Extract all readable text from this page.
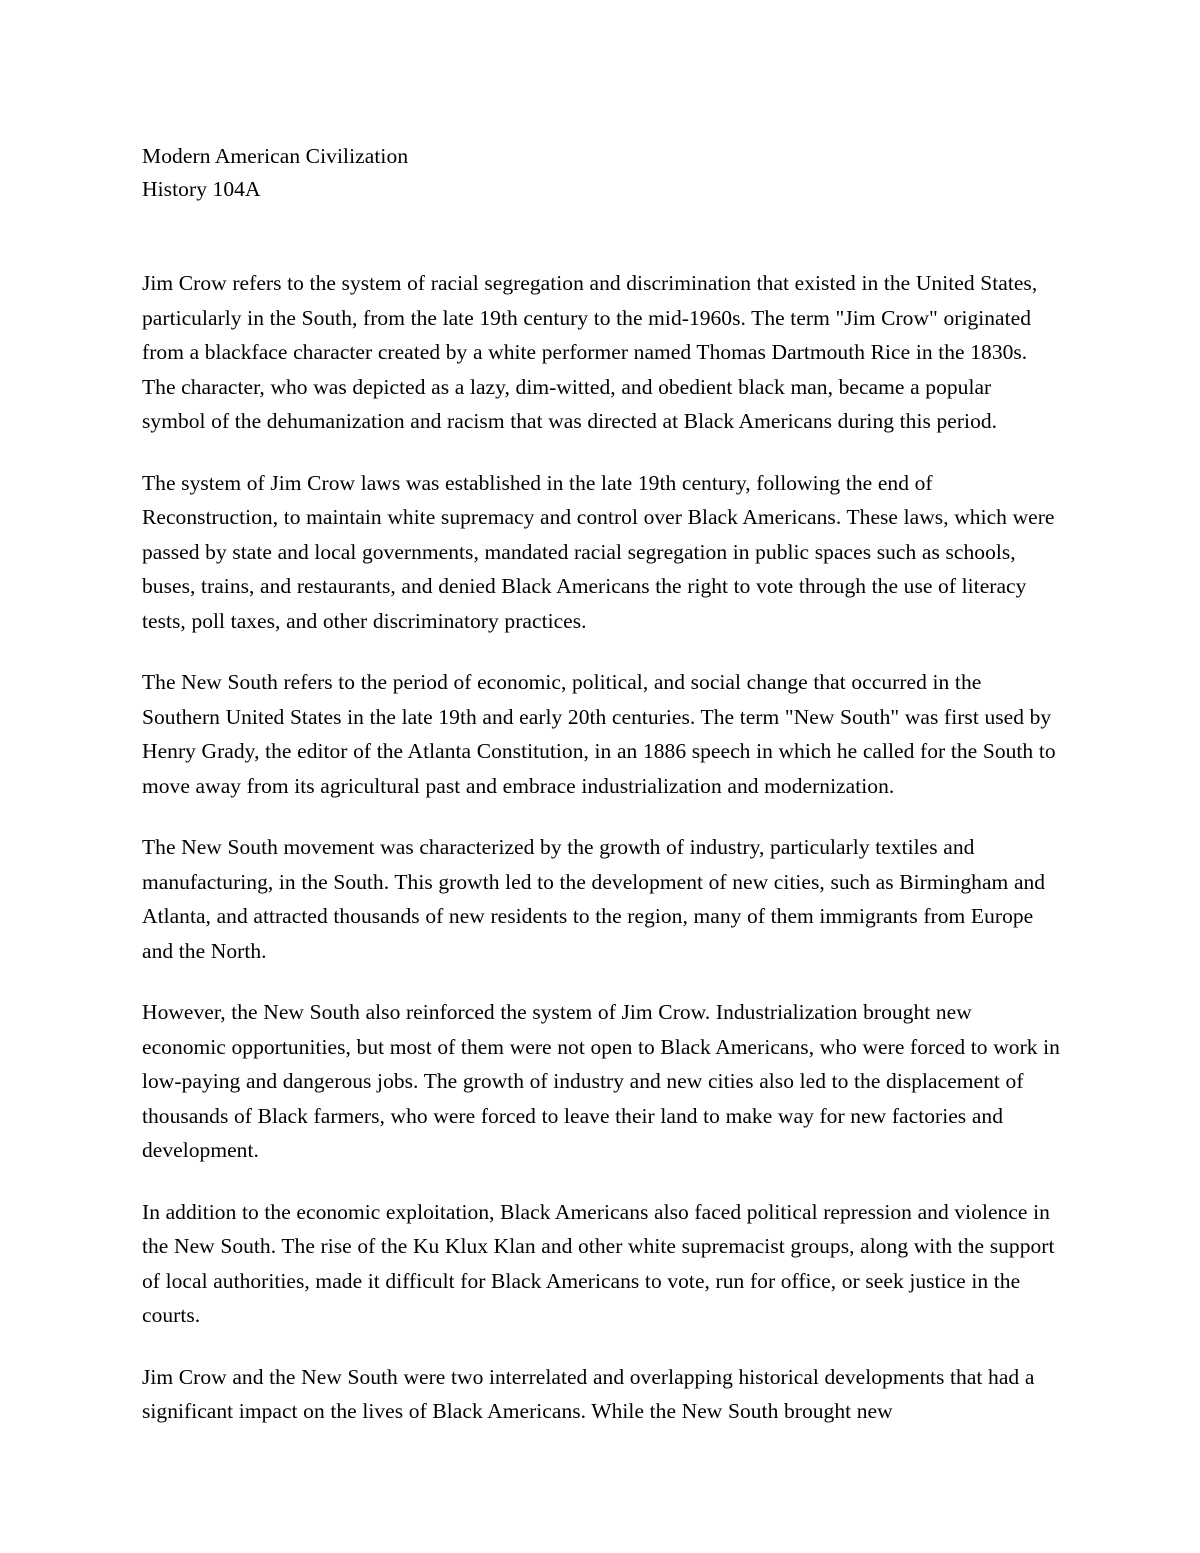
Modern American Civilization
History 104A

Jim Crow refers to the system of racial segregation and discrimination that existed in the United States, particularly in the South, from the late 19th century to the mid-1960s. The term "Jim Crow" originated from a blackface character created by a white performer named Thomas Dartmouth Rice in the 1830s. The character, who was depicted as a lazy, dim-witted, and obedient black man, became a popular symbol of the dehumanization and racism that was directed at Black Americans during this period.

The system of Jim Crow laws was established in the late 19th century, following the end of Reconstruction, to maintain white supremacy and control over Black Americans. These laws, which were passed by state and local governments, mandated racial segregation in public spaces such as schools, buses, trains, and restaurants, and denied Black Americans the right to vote through the use of literacy tests, poll taxes, and other discriminatory practices.

The New South refers to the period of economic, political, and social change that occurred in the Southern United States in the late 19th and early 20th centuries. The term "New South" was first used by Henry Grady, the editor of the Atlanta Constitution, in an 1886 speech in which he called for the South to move away from its agricultural past and embrace industrialization and modernization.

The New South movement was characterized by the growth of industry, particularly textiles and manufacturing, in the South. This growth led to the development of new cities, such as Birmingham and Atlanta, and attracted thousands of new residents to the region, many of them immigrants from Europe and the North.

However, the New South also reinforced the system of Jim Crow. Industrialization brought new economic opportunities, but most of them were not open to Black Americans, who were forced to work in low-paying and dangerous jobs. The growth of industry and new cities also led to the displacement of thousands of Black farmers, who were forced to leave their land to make way for new factories and development.

In addition to the economic exploitation, Black Americans also faced political repression and violence in the New South. The rise of the Ku Klux Klan and other white supremacist groups, along with the support of local authorities, made it difficult for Black Americans to vote, run for office, or seek justice in the courts.

Jim Crow and the New South were two interrelated and overlapping historical developments that had a significant impact on the lives of Black Americans. While the New South brought new
